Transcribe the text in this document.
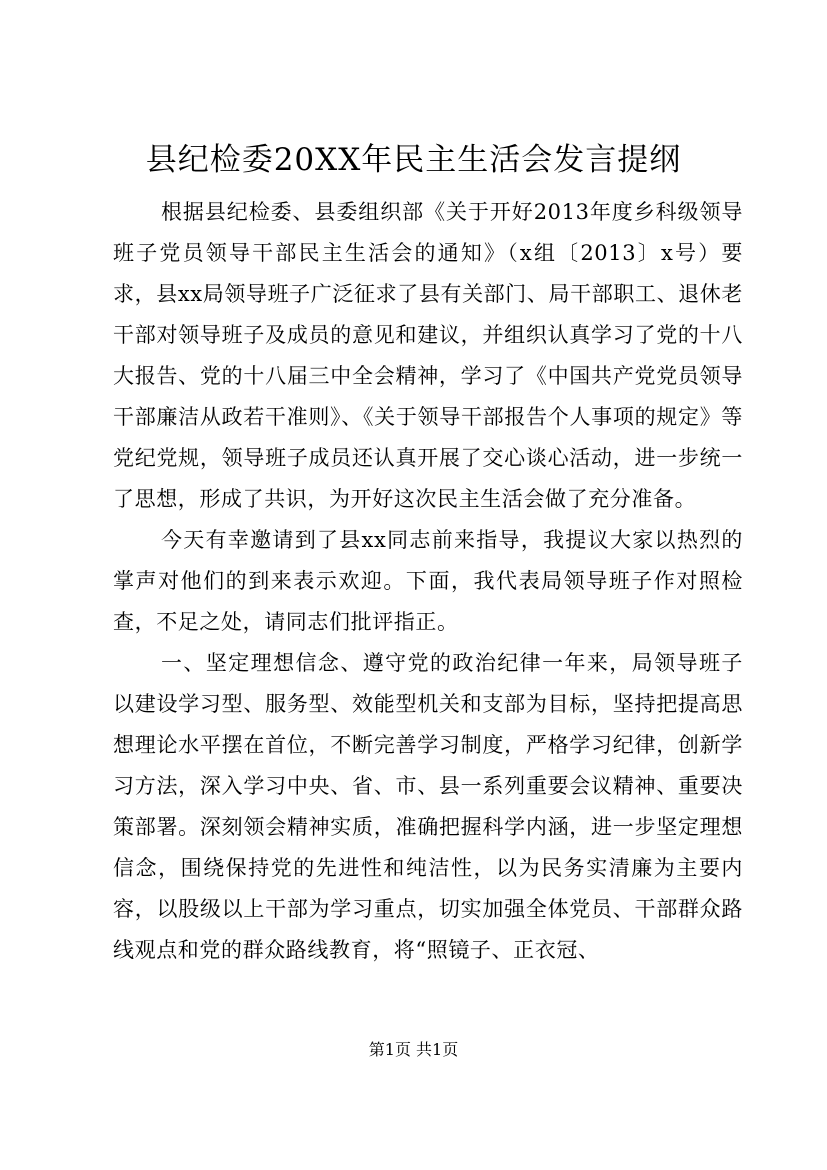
县纪检委20XX年民主生活会发言提纲

根据县纪检委、县委组织部《关于开好2013年度乡科级领导班子党员领导干部民主生活会的通知》（x组〔2013〕x号）要求，县xx局领导班子广泛征求了县有关部门、局干部职工、退休老干部对领导班子及成员的意见和建议，并组织认真学习了党的十八大报告、党的十八届三中全会精神，学习了《中国共产党党员领导干部廉洁从政若干准则》、《关于领导干部报告个人事项的规定》等党纪党规，领导班子成员还认真开展了交心谈心活动，进一步统一了思想，形成了共识，为开好这次民主生活会做了充分准备。

今天有幸邀请到了县xx同志前来指导，我提议大家以热烈的掌声对他们的到来表示欢迎。下面，我代表局领导班子作对照检查，不足之处，请同志们批评指正。

一、坚定理想信念、遵守党的政治纪律一年来，局领导班子以建设学习型、服务型、效能型机关和支部为目标，坚持把提高思想理论水平摆在首位，不断完善学习制度，严格学习纪律，创新学习方法，深入学习中央、省、市、县一系列重要会议精神、重要决策部署。深刻领会精神实质，准确把握科学内涵，进一步坚定理想信念，围绕保持党的先进性和纯洁性，以为民务实清廉为主要内容，以股级以上干部为学习重点，切实加强全体党员、干部群众路线观点和党的群众路线教育，将“照镜子、正衣冠、

第1页 共1页
